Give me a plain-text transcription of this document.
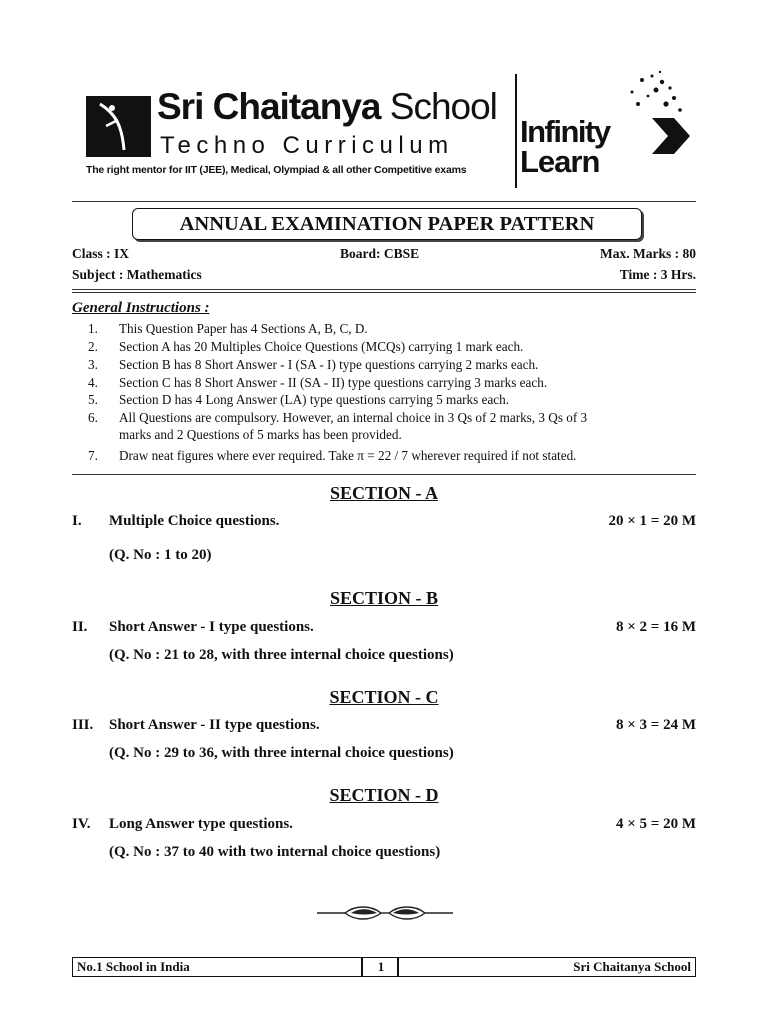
Sri Chaitanya School
Techno Curriculum
The right mentor for IIT (JEE), Medical, Olympiad & all other Competitive exams
Infinity
Learn
ANNUAL EXAMINATION PAPER PATTERN
Class : IX	Board: CBSE	Max. Marks : 80
Subject : Mathematics	Time : 3 Hrs.
General Instructions :
1. This Question Paper has 4 Sections A, B, C, D.
2. Section A has 20 Multiples Choice Questions (MCQs) carrying 1 mark each.
3. Section B has 8 Short Answer - I (SA - I) type questions carrying 2 marks each.
4. Section C has 8 Short Answer - II (SA - II) type questions carrying 3 marks each.
5. Section D has 4 Long Answer (LA) type questions carrying 5 marks each.
6. All Questions are compulsory. However, an internal choice in 3 Qs of 2 marks, 3 Qs of 3
marks and 2 Questions of 5 marks has been provided.
7. Draw neat figures where ever required. Take π = 22 / 7 wherever required if not stated.
SECTION - A
I. Multiple Choice questions.	20 × 1 = 20 M
(Q. No : 1 to 20)
SECTION - B
II. Short Answer - I type questions.	8 × 2 = 16 M
(Q. No : 21 to 28, with three internal choice questions)
SECTION - C
III. Short Answer - II type questions.	8 × 3 = 24 M
(Q. No : 29 to 36, with three internal choice questions)
SECTION - D
IV. Long Answer type questions.	4 × 5 = 20 M
(Q. No : 37 to 40 with two internal choice questions)
No.1 School in India	1	Sri Chaitanya School
